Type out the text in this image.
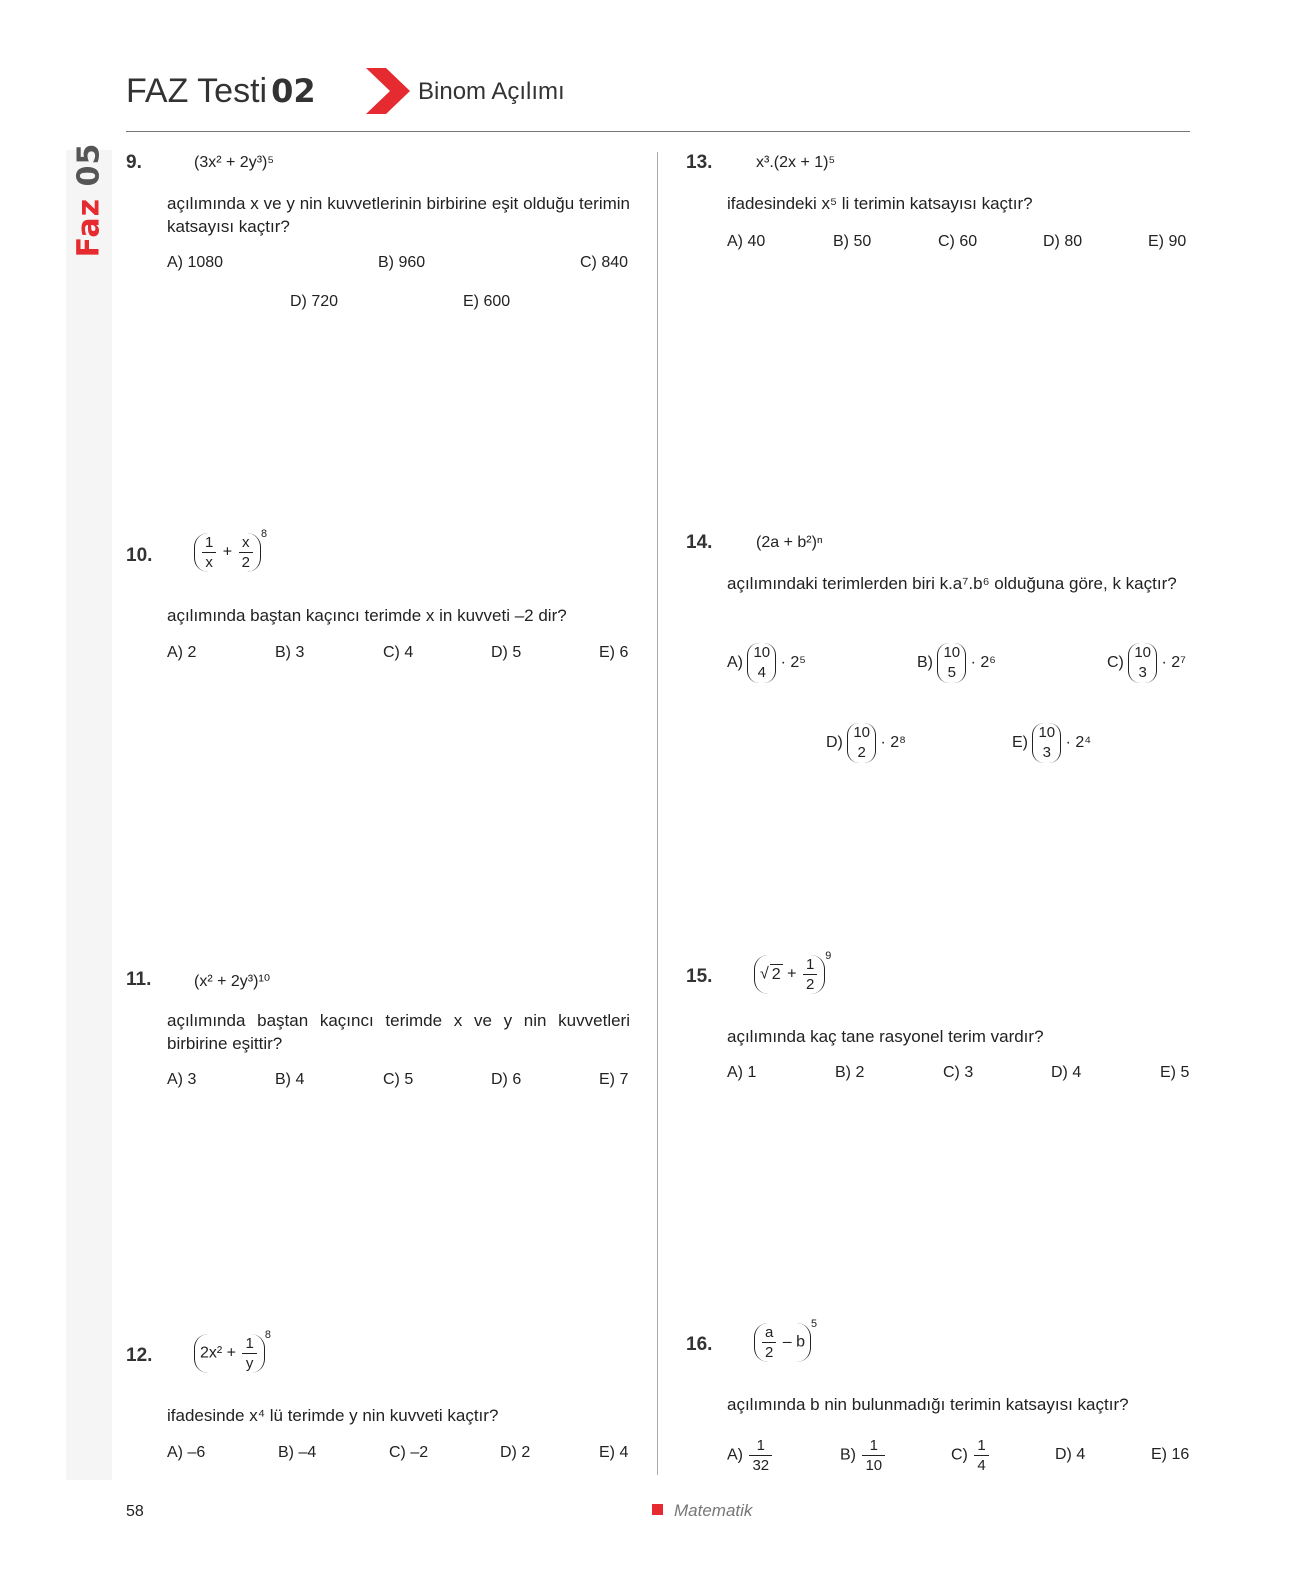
FAZ Testi 02	Binom Açılımı
Faz 05 9.	(3x² + 2y³)⁵
açılımında x ve y nin kuvvetlerinin birbirine eşit olduğu terimin katsayısı kaçtır?
A) 1080	B) 960	C) 840
D) 720	E) 600
10.	$\frac{1}{x} + \frac{x}{2} ^8$
açılımında baştan kaçıncı terimde x in kuvveti –2 dir?
A) 2	B) 3	C) 4	D) 5	E) 6
11.	(x² + 2y³)¹⁰
açılımında baştan kaçıncı terimde x ve y nin kuvvetleri birbirine eşittir?
A) 3	B) 4	C) 5	D) 6	E) 7
12.	$2x^2 + \frac{1}{y} ^8$
ifadesinde x⁴ lü terimde y nin kuvveti kaçtır?
A) –6	B) –4	C) –2	D) 2	E) 4
13.	x³.(2x + 1)⁵
ifadesindeki x⁵ li terimin katsayısı kaçtır?
A) 40	B) 50	C) 60	D) 80	E) 90
14.	(2a + b²)ⁿ
açılımındaki terimlerden biri k.a⁷.b⁶ olduğuna göre, k kaçtır?
A)
10
4
· 2⁵	B)
10
5
· 2⁶	C)
10
3
· 2⁷
D)
10
2
· 2⁸	E)
10
3
· 2⁴
15.	√ $2 + \frac{1}{2} ^9$
açılımında kaç tane rasyonel terim vardır?
A) 1	B) 2	C) 3	D) 4	E) 5
16.	$\frac{a}{2} - b^5$
açılımında b nin bulunmadığı terimin katsayısı kaçtır?
$A) \frac{1}{32}$	$B) \frac{1}{10}$	$C) \frac{1}{4}$	D) 4	E) 16
58	Matematik
